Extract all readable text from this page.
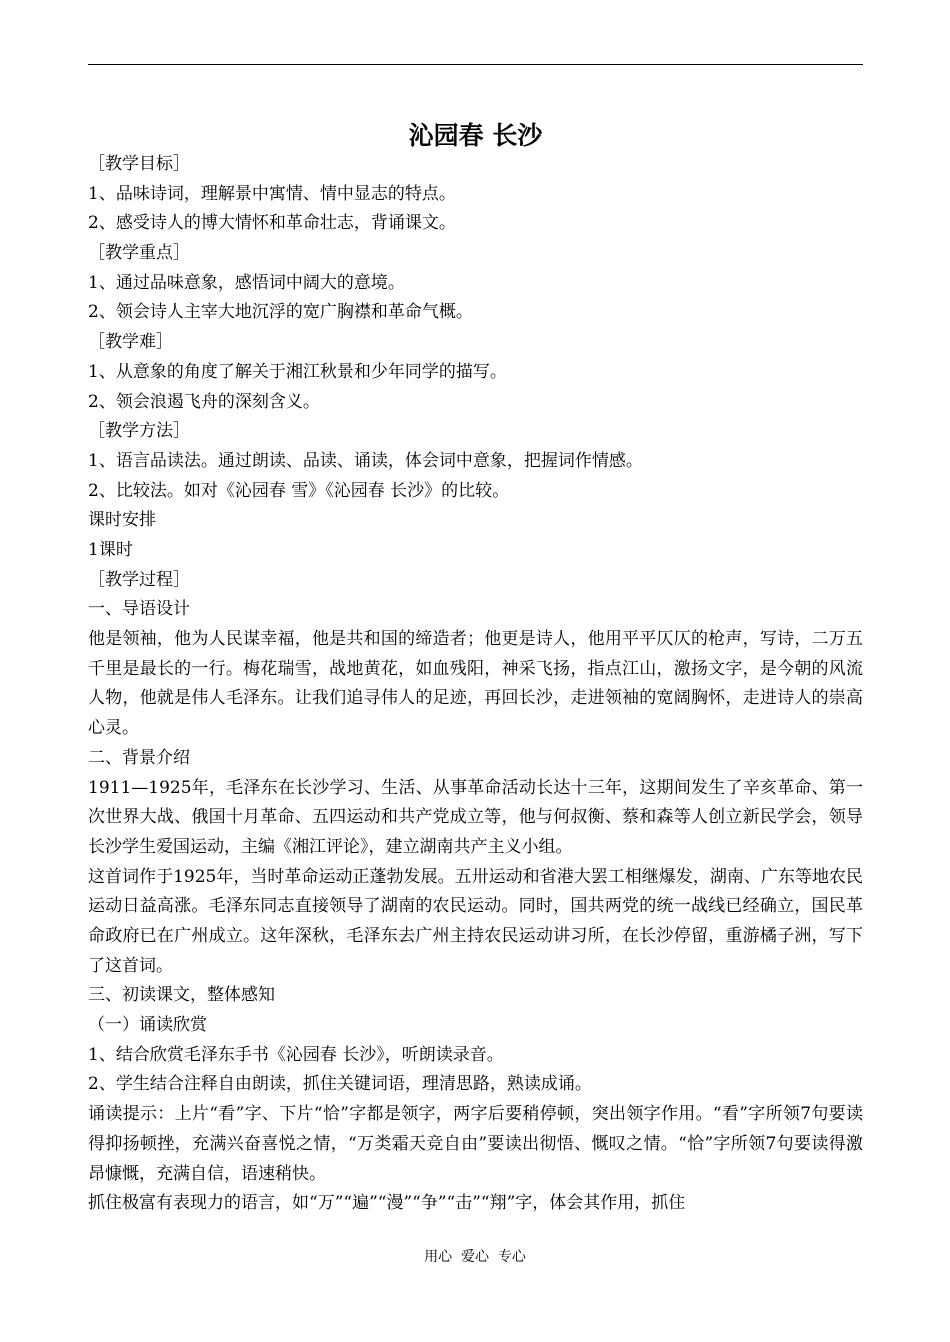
沁园春 长沙

［教学目标］

1、品味诗词，理解景中寓情、情中显志的特点。

2、感受诗人的博大情怀和革命壮志，背诵课文。

［教学重点］

1、通过品味意象，感悟词中阔大的意境。

2、领会诗人主宰大地沉浮的宽广胸襟和革命气概。

［教学难］

1、从意象的角度了解关于湘江秋景和少年同学的描写。

2、领会浪遏飞舟的深刻含义。

［教学方法］

1、语言品读法。通过朗读、品读、诵读，体会词中意象，把握词作情感。

2、比较法。如对《沁园春 雪》《沁园春 长沙》的比较。

课时安排

1课时

［教学过程］

一、导语设计

他是领袖，他为人民谋幸福，他是共和国的缔造者；他更是诗人，他用平平仄仄的枪声，写诗，二万五千里是最长的一行。梅花瑞雪，战地黄花，如血残阳，神采飞扬，指点江山，激扬文字，是今朝的风流人物，他就是伟人毛泽东。让我们追寻伟人的足迹，再回长沙，走进领袖的宽阔胸怀，走进诗人的崇高心灵。

二、背景介绍

1911—1925年，毛泽东在长沙学习、生活、从事革命活动长达十三年，这期间发生了辛亥革命、第一次世界大战、俄国十月革命、五四运动和共产党成立等，他与何叔衡、蔡和森等人创立新民学会，领导长沙学生爱国运动，主编《湘江评论》，建立湖南共产主义小组。

这首词作于1925年，当时革命运动正蓬勃发展。五卅运动和省港大罢工相继爆发，湖南、广东等地农民运动日益高涨。毛泽东同志直接领导了湖南的农民运动。同时，国共两党的统一战线已经确立，国民革命政府已在广州成立。这年深秋，毛泽东去广州主持农民运动讲习所，在长沙停留，重游橘子洲，写下了这首词。

三、初读课文，整体感知

（一）诵读欣赏

1、结合欣赏毛泽东手书《沁园春 长沙》，听朗读录音。

2、学生结合注释自由朗读，抓住关键词语，理清思路，熟读成诵。

诵读提示：上片“看”字、下片“恰”字都是领字，两字后要稍停顿，突出领字作用。“看”字所领7句要读得抑扬顿挫，充满兴奋喜悦之情，“万类霜天竞自由”要读出彻悟、慨叹之情。“恰”字所领7句要读得激昂慷慨，充满自信，语速稍快。

抓住极富有表现力的语言，如“万”“遍”“漫”“争”“击”“翔”字，体会其作用，抓住

用心  爱心  专心
